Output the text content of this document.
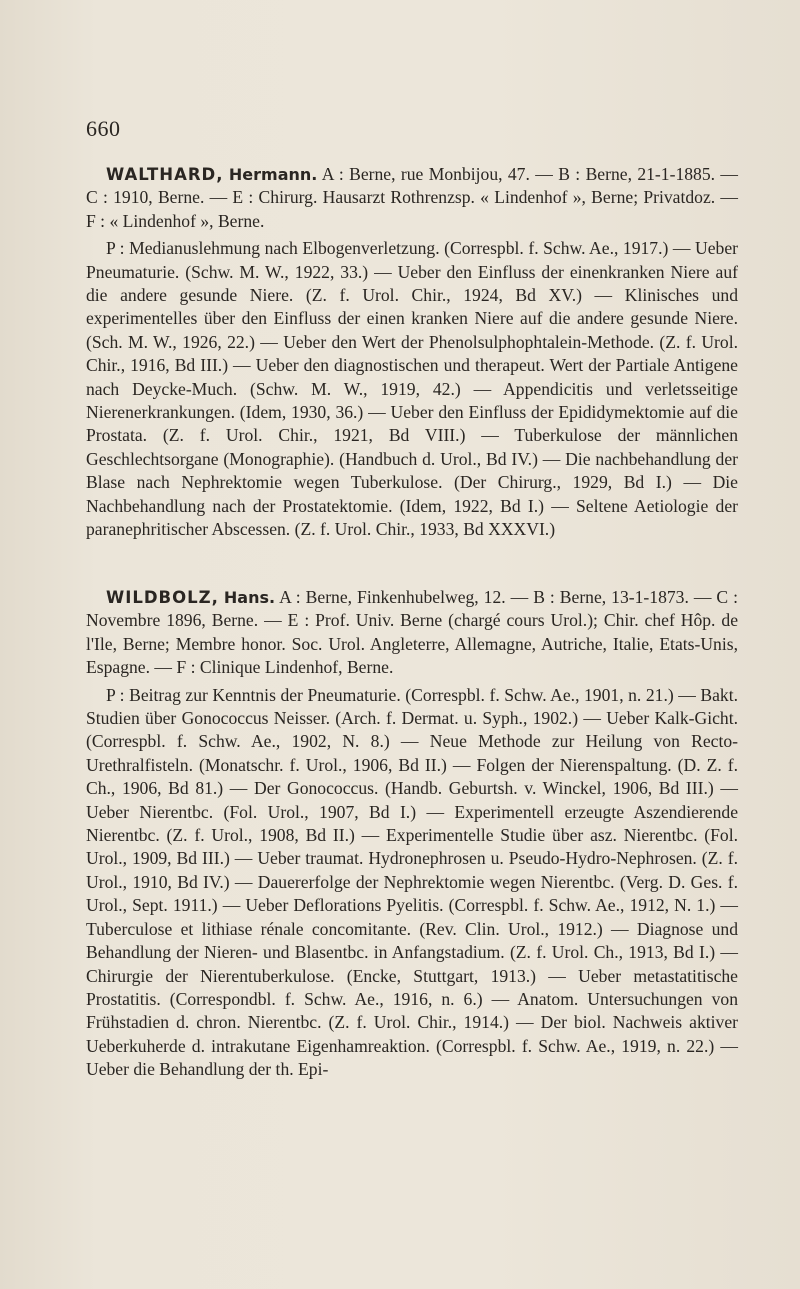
660

WALTHARD, Hermann. A : Berne, rue Monbijou, 47. — B : Berne, 21-1-1885. — C : 1910, Berne. — E : Chirurg. Hausarzt Rothrenzsp. « Lindenhof », Berne; Privatdoz. — F : « Lindenhof », Berne.

P : Medianuslehmung nach Elbogenverletzung. (Correspbl. f. Schw. Ae., 1917.) — Ueber Pneumaturie. (Schw. M. W., 1922, 33.) — Ueber den Einfluss der einenkranken Niere auf die andere gesunde Niere. (Z. f. Urol. Chir., 1924, Bd XV.) — Klinisches und experimentelles über den Einfluss der einen kranken Niere auf die andere gesunde Niere. (Sch. M. W., 1926, 22.) — Ueber den Wert der Phenolsulphophtalein-Methode. (Z. f. Urol. Chir., 1916, Bd III.) — Ueber den diagnostischen und therapeut. Wert der Partiale Antigene nach Deycke-Much. (Schw. M. W., 1919, 42.) — Appendicitis und verletsseitige Nierenerkrankungen. (Idem, 1930, 36.) — Ueber den Einfluss der Epididymektomie auf die Prostata. (Z. f. Urol. Chir., 1921, Bd VIII.) — Tuberkulose der männlichen Geschlechtsorgane (Monographie). (Handbuch d. Urol., Bd IV.) — Die nachbehandlung der Blase nach Nephrektomie wegen Tuberkulose. (Der Chirurg., 1929, Bd I.) — Die Nachbehandlung nach der Prostatektomie. (Idem, 1922, Bd I.) — Seltene Aetiologie der paranephritischer Abscessen. (Z. f. Urol. Chir., 1933, Bd XXXVI.)

WILDBOLZ, Hans. A : Berne, Finkenhubelweg, 12. — B : Berne, 13-1-1873. — C : Novembre 1896, Berne. — E : Prof. Univ. Berne (chargé cours Urol.); Chir. chef Hôp. de l'Ile, Berne; Membre honor. Soc. Urol. Angleterre, Allemagne, Autriche, Italie, Etats-Unis, Espagne. — F : Clinique Lindenhof, Berne.

P : Beitrag zur Kenntnis der Pneumaturie. (Correspbl. f. Schw. Ae., 1901, n. 21.) — Bakt. Studien über Gonococcus Neisser. (Arch. f. Dermat. u. Syph., 1902.) — Ueber Kalk-Gicht. (Correspbl. f. Schw. Ae., 1902, N. 8.) — Neue Methode zur Heilung von Recto-Urethralfisteln. (Monatschr. f. Urol., 1906, Bd II.) — Folgen der Nierenspaltung. (D. Z. f. Ch., 1906, Bd 81.) — Der Gonococcus. (Handb. Geburtsh. v. Winckel, 1906, Bd III.) — Ueber Nierentbc. (Fol. Urol., 1907, Bd I.) — Experimentell erzeugte Aszendierende Nierentbc. (Z. f. Urol., 1908, Bd II.) — Experimentelle Studie über asz. Nierentbc. (Fol. Urol., 1909, Bd III.) — Ueber traumat. Hydronephrosen u. Pseudo-Hydro-Nephrosen. (Z. f. Urol., 1910, Bd IV.) — Dauererfolge der Nephrektomie wegen Nierentbc. (Verg. D. Ges. f. Urol., Sept. 1911.) — Ueber Deflorations Pyelitis. (Correspbl. f. Schw. Ae., 1912, N. 1.) — Tuberculose et lithiase rénale concomitante. (Rev. Clin. Urol., 1912.) — Diagnose und Behandlung der Nieren- und Blasentbc. in Anfangstadium. (Z. f. Urol. Ch., 1913, Bd I.) — Chirurgie der Nierentuberkulose. (Encke, Stuttgart, 1913.) — Ueber metastatitische Prostatitis. (Correspondbl. f. Schw. Ae., 1916, n. 6.) — Anatom. Untersuchungen von Frühstadien d. chron. Nierentbc. (Z. f. Urol. Chir., 1914.) — Der biol. Nachweis aktiver Ueberkuherde d. intrakutane Eigenhamreaktion. (Correspbl. f. Schw. Ae., 1919, n. 22.) — Ueber die Behandlung der th. Epi-
